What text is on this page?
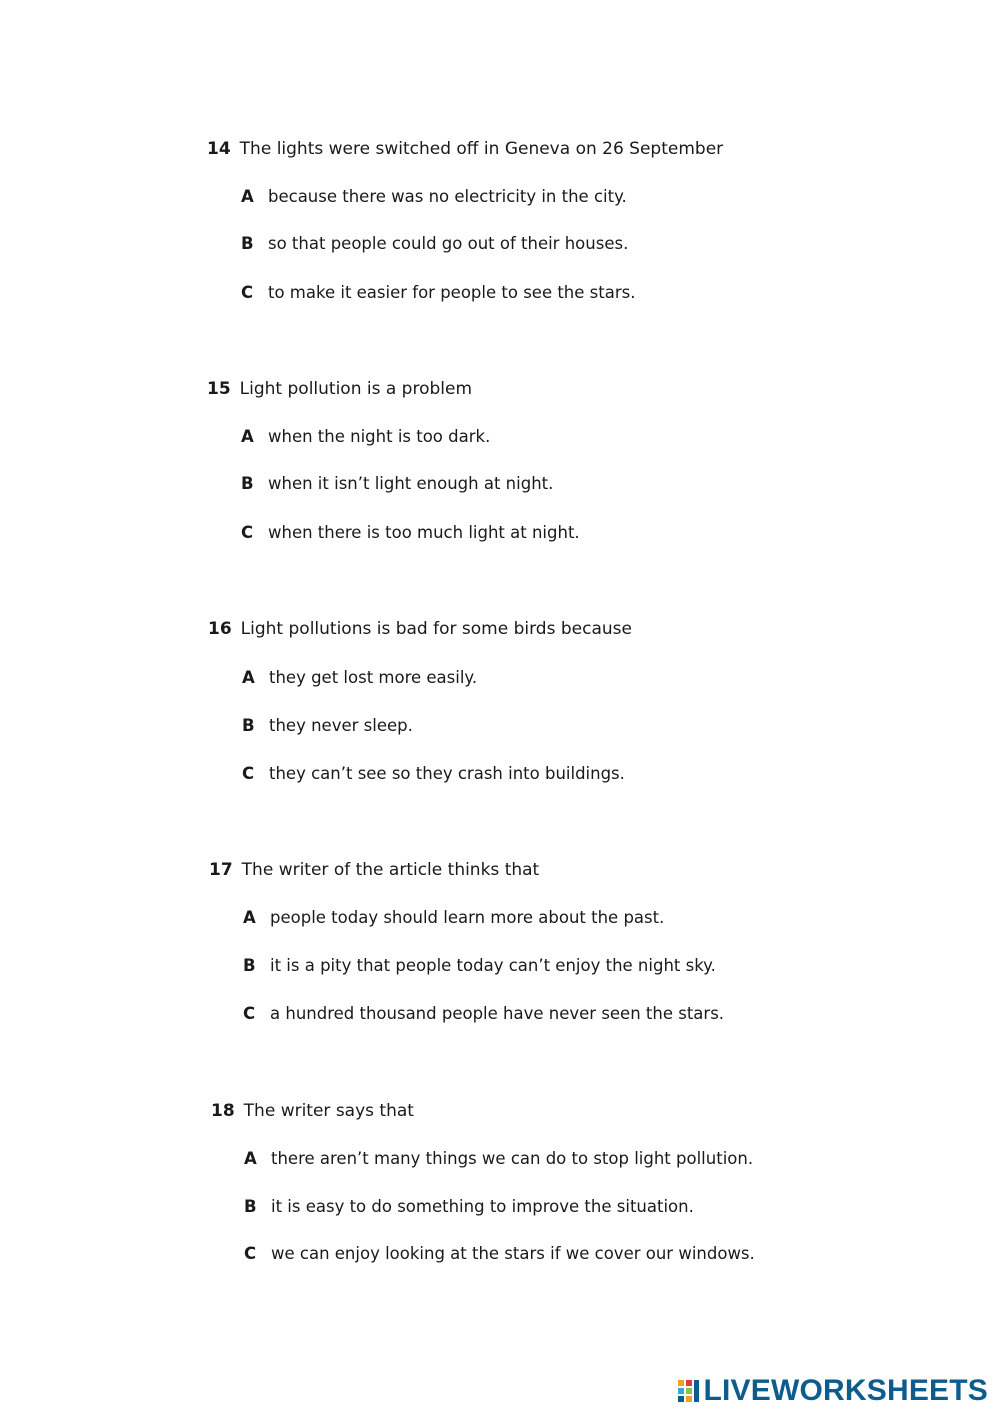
14 The lights were switched off in Geneva on 26 September
A because there was no electricity in the city.
B so that people could go out of their houses.
C to make it easier for people to see the stars.
15 Light pollution is a problem
A when the night is too dark.
B when it isn’t light enough at night.
C when there is too much light at night.
16 Light pollutions is bad for some birds because
A they get lost more easily.
B they never sleep.
C they can’t see so they crash into buildings.
17 The writer of the article thinks that
A people today should learn more about the past.
B it is a pity that people today can’t enjoy the night sky.
C a hundred thousand people have never seen the stars.
18 The writer says that
A there aren’t many things we can do to stop light pollution.
B it is easy to do something to improve the situation.
C we can enjoy looking at the stars if we cover our windows.
LIVEWORKSHEETS
